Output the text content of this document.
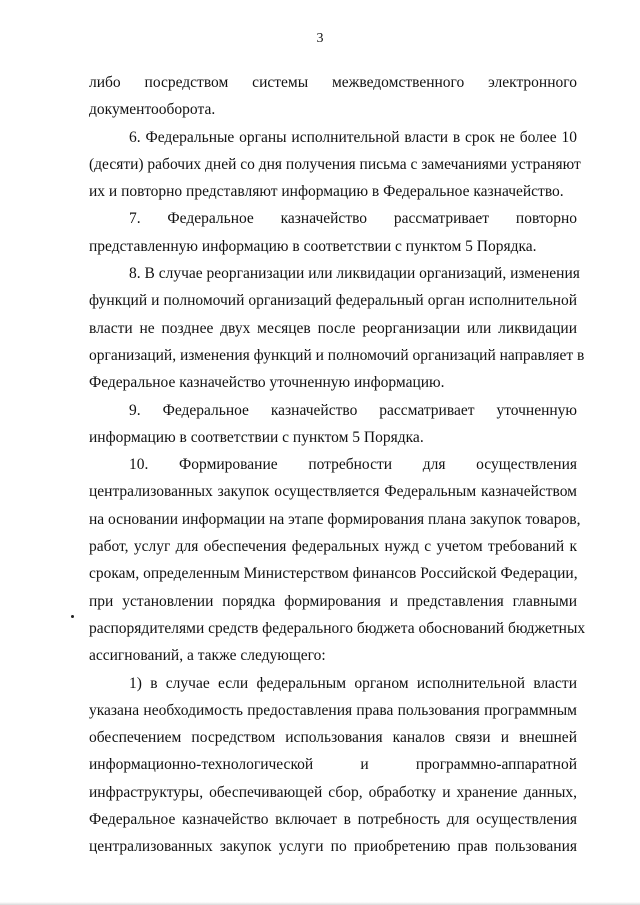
3
либо посредством системы межведомственного электронного
документооборота.
6. Федеральные органы исполнительной власти в срок не более 10
(десяти) рабочих дней со дня получения письма с замечаниями устраняют
их и повторно представляют информацию в Федеральное казначейство.
7. Федеральное казначейство рассматривает повторно
представленную информацию в соответствии с пунктом 5 Порядка.
8. В случае реорганизации или ликвидации организаций, изменения
функций и полномочий организаций федеральный орган исполнительной
власти не позднее двух месяцев после реорганизации или ликвидации
организаций, изменения функций и полномочий организаций направляет в
Федеральное казначейство уточненную информацию.
9. Федеральное казначейство рассматривает уточненную
информацию в соответствии с пунктом 5 Порядка.
10. Формирование потребности для осуществления
централизованных закупок осуществляется Федеральным казначейством
на основании информации на этапе формирования плана закупок товаров,
работ, услуг для обеспечения федеральных нужд с учетом требований к
срокам, определенным Министерством финансов Российской Федерации,
при установлении порядка формирования и представления главными
распорядителями средств федерального бюджета обоснований бюджетных
ассигнований, а также следующего:
1) в случае если федеральным органом исполнительной власти
указана необходимость предоставления права пользования программным
обеспечением посредством использования каналов связи и внешней
информационно-технологической и программно-аппаратной
инфраструктуры, обеспечивающей сбор, обработку и хранение данных,
Федеральное казначейство включает в потребность для осуществления
централизованных закупок услуги по приобретению прав пользования
